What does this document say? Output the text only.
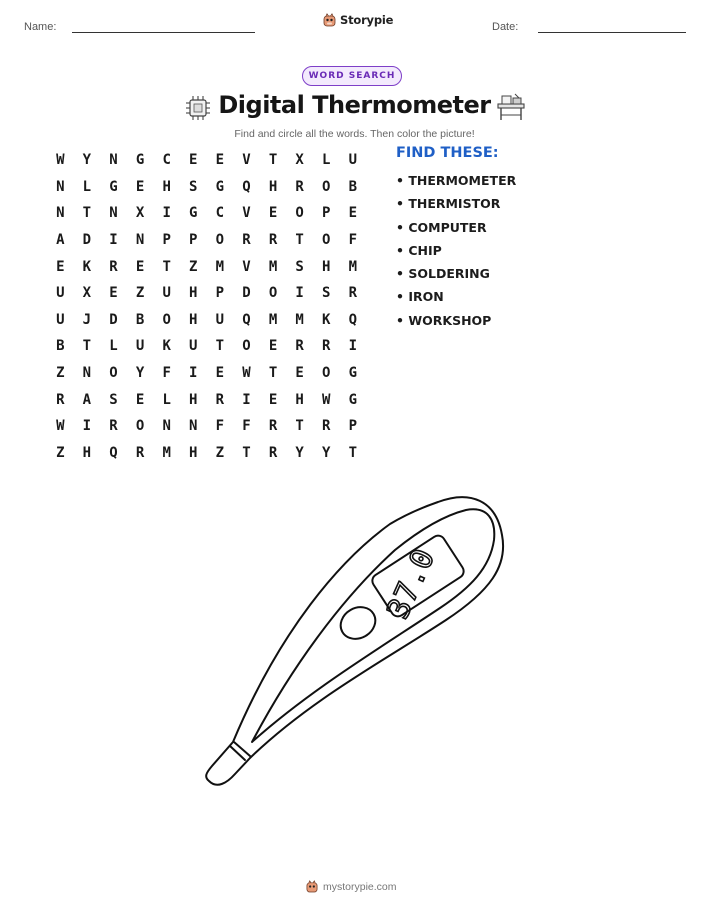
Name:	Storypie	Date:
WORD SEARCH
Digital Thermometer
Find and circle all the words. Then color the picture!
W	Y	N	G	C	E	E	V	T	X	L	U
N	L	G	E	H	S	G	Q	H	R	O	B
N	T	N	X	I	G	C	V	E	O	P	E
A	D	I	N	P	P	O	R	R	T	O	F
E	K	R	E	T	Z	M	V	M	S	H	M
U	X	E	Z	U	H	P	D	O	I	S	R
U	J	D	B	O	H	U	Q	M	M	K	Q
B	T	L	U	K	U	T	O	E	R	R	I
Z	N	O	Y	F	I	E	W	T	E	O	G
R	A	S	E	L	H	R	I	E	H	W	G
W	I	R	O	N	N	F	F	R	T	R	P
Z	H	Q	R	M	H	Z	T	R	Y	Y	T
FIND THESE:
• THERMOMETER
• THERMISTOR
• COMPUTER
• CHIP
• SOLDERING
• IRON
• WORKSHOP
37.0
mystorypie.com
